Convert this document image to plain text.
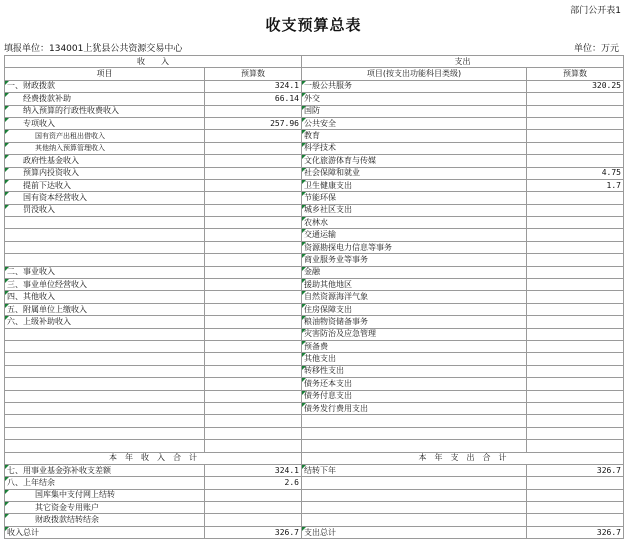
部门公开表1
收支预算总表
填报单位：134001上犹县公共资源交易中心	单位：万元
收　　入		支出	
项目	预算数	项目(按支出功能科目类级)	预算数
一、财政拨款	324.1	一般公共服务	320.25
经费拨款补助	66.14	外交	
纳入预算的行政性收费收入		国防	
专项收入	257.96	公共安全	
国有资产出租出借收入		教育	
其他纳入预算管理收入		科学技术	
政府性基金收入		文化旅游体育与传媒	
预算内投资收入		社会保障和就业	4.75
提前下达收入		卫生健康支出	1.7
国有资本经营收入		节能环保	
罚没收入		城乡社区支出	
		农林水	
		交通运输	
		资源勘探电力信息等事务	
		商业服务业等事务	
二、事业收入		金融	
三、事业单位经营收入		援助其他地区	
四、其他收入		自然资源海洋气象	
五、附属单位上缴收入		住房保障支出	
六、上级补助收入		粮油物资储备事务	
		灾害防治及应急管理	
		预备费	
		其他支出	
		转移性支出	
		债务还本支出	
		债务付息支出	
		债务发行费用支出	

本　年　收　入　合　计		本　年　支　出　合　计	
七、用事业基金弥补收支差额	324.1	结转下年	326.7
八、上年结余	2.6		
国库集中支付网上结转			
其它资金专用账户			
财政拨款结转结余			
收入总计	326.7	支出总计	326.7
